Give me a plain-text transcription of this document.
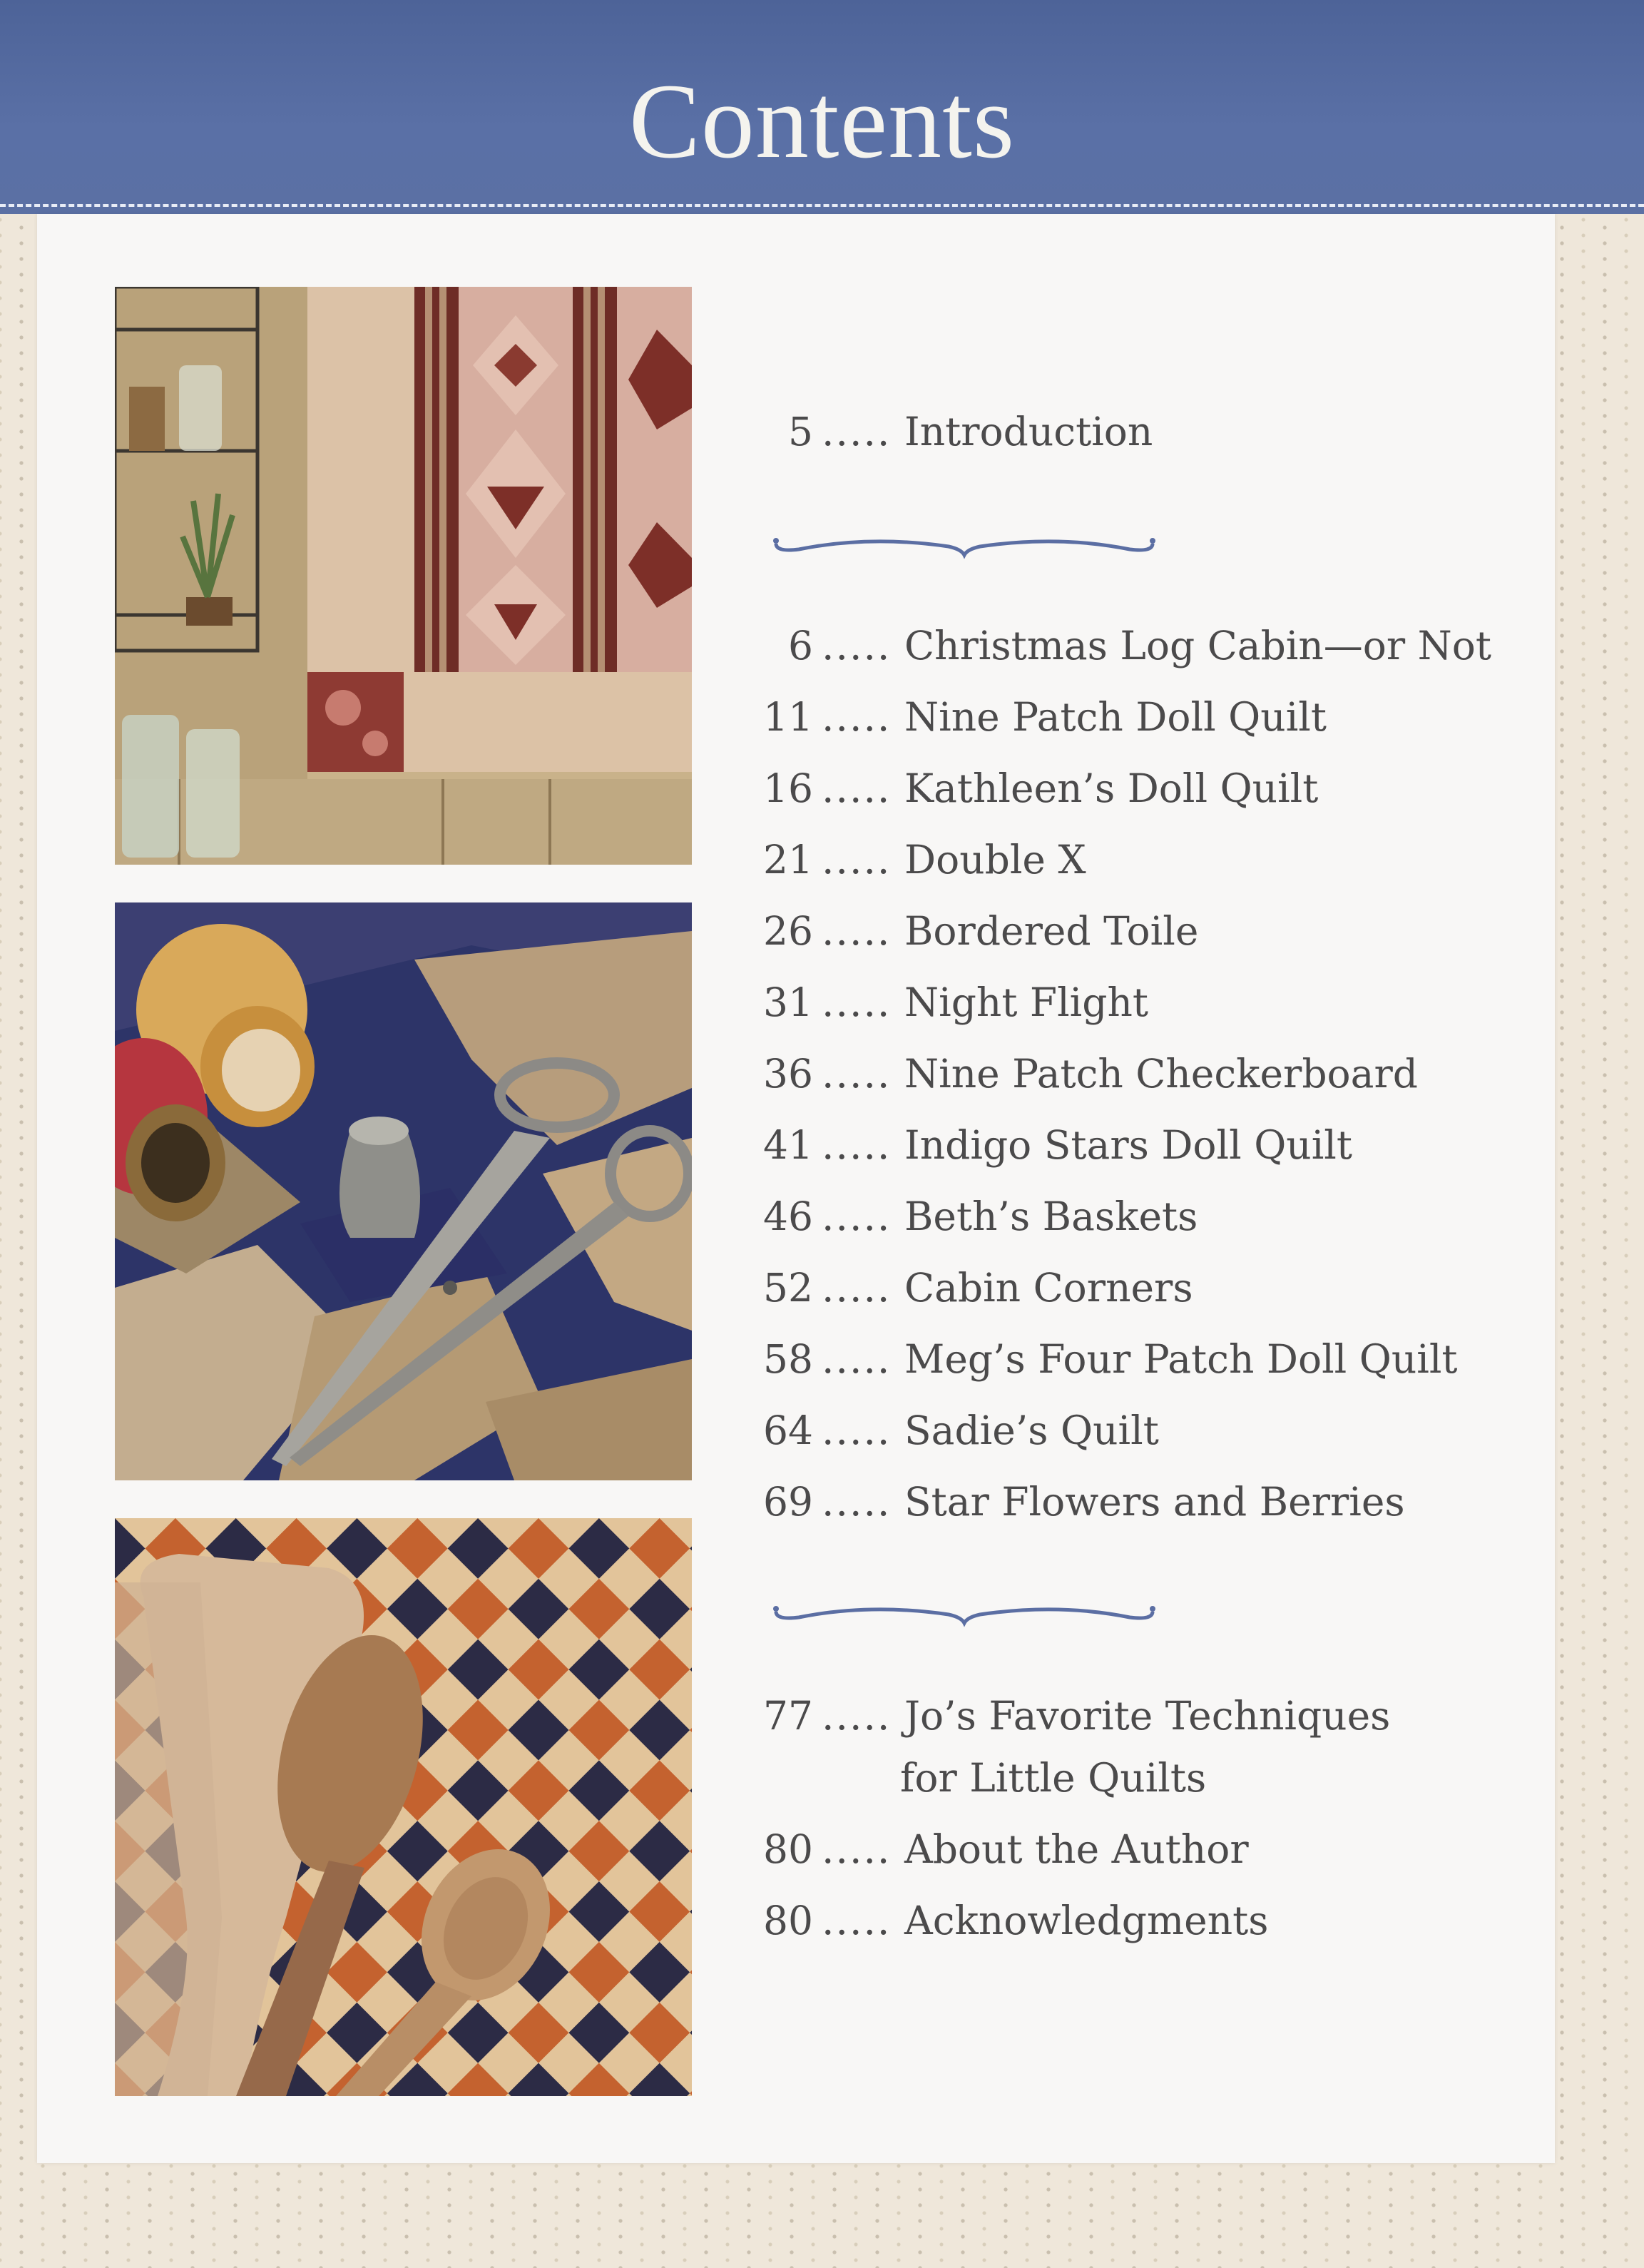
Contents
5 ..... Introduction
6 ..... Christmas Log Cabin—or Not
11 ..... Nine Patch Doll Quilt
16 ..... Kathleen’s Doll Quilt
21 ..... Double X
26 ..... Bordered Toile
31 ..... Night Flight
36 ..... Nine Patch Checkerboard
41 ..... Indigo Stars Doll Quilt
46 ..... Beth’s Baskets
52 ..... Cabin Corners
58 ..... Meg’s Four Patch Doll Quilt
64 ..... Sadie’s Quilt
69 ..... Star Flowers and Berries
77 ..... Jo’s Favorite Techniques
for Little Quilts
80 ..... About the Author
80 ..... Acknowledgments
